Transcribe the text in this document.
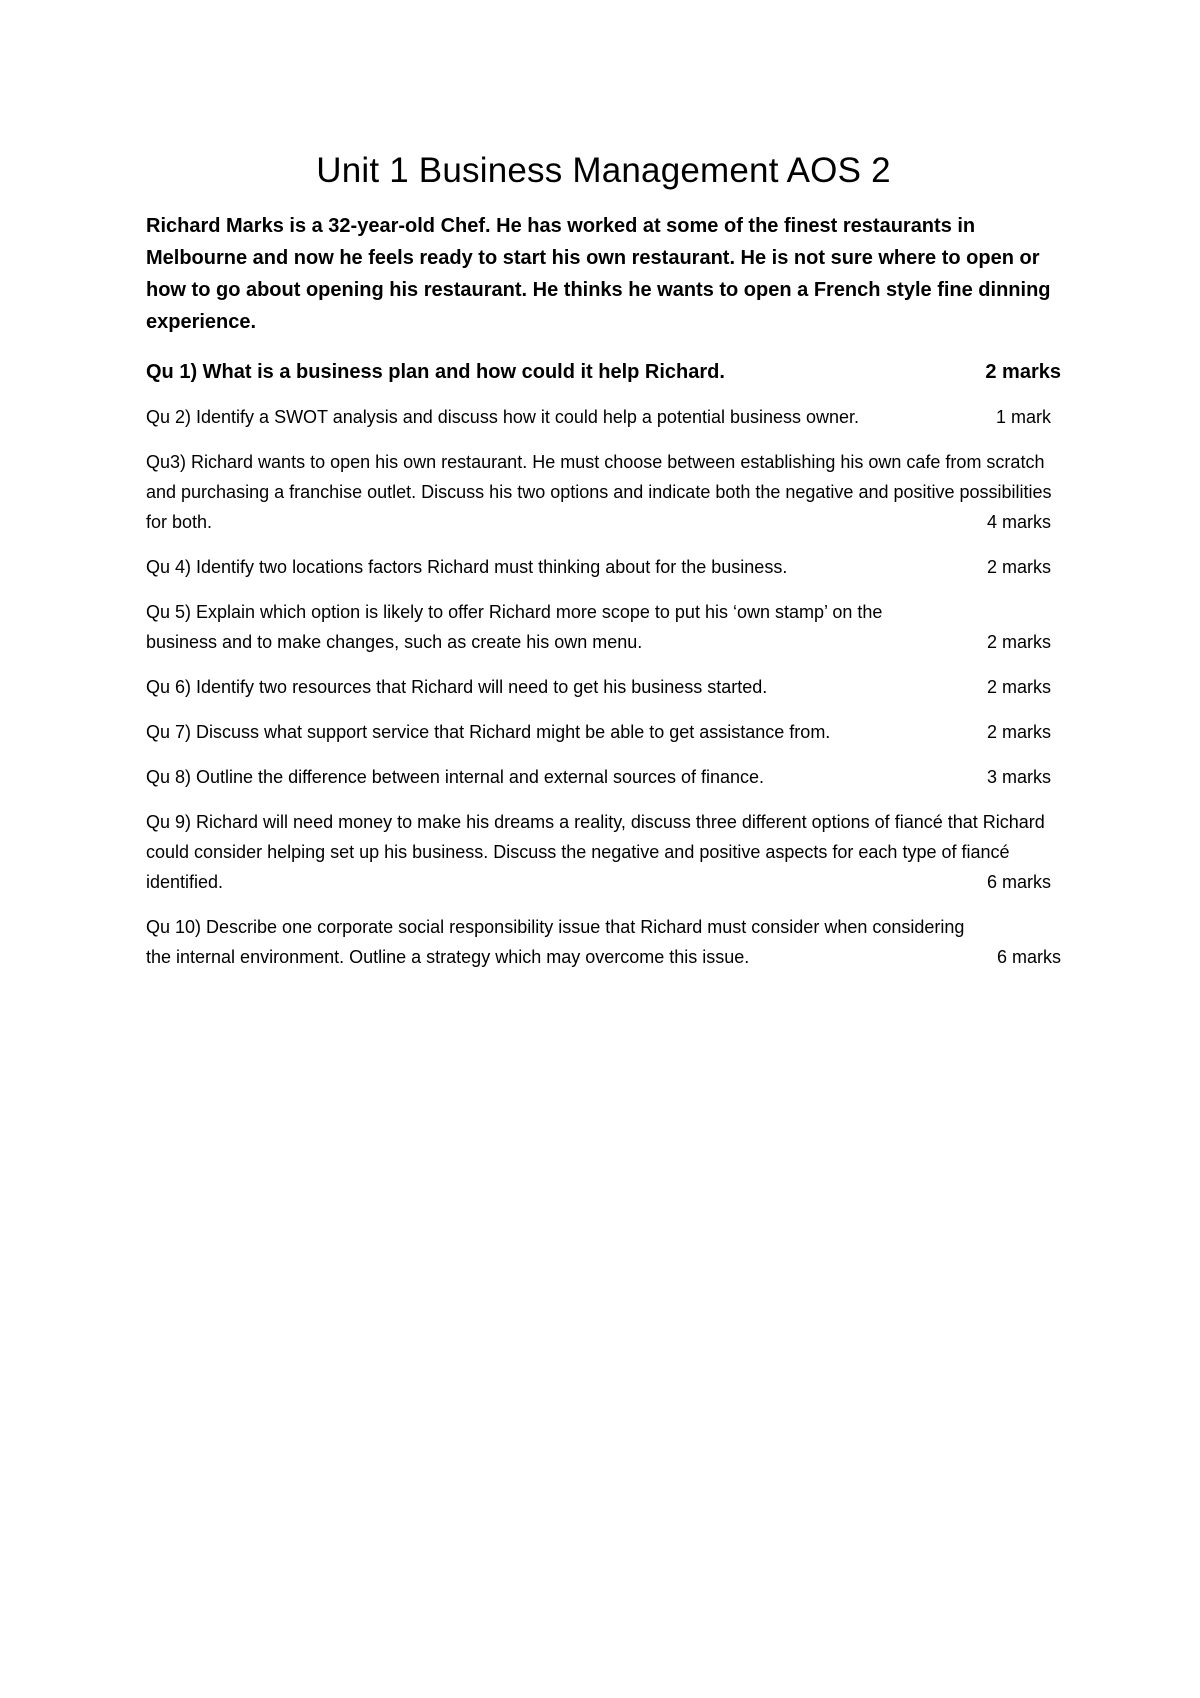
Unit 1 Business Management AOS 2

Richard Marks is a 32-year-old Chef. He has worked at some of the finest restaurants in Melbourne and now he feels ready to start his own restaurant. He is not sure where to open or how to go about opening his restaurant. He thinks he wants to open a French style fine dinning experience.

Qu 1) What is a business plan and how could it help Richard.	2 marks
Qu 2) Identify a SWOT analysis and discuss how it could help a potential business owner.	1 mark
Qu3) Richard wants to open his own restaurant. He must choose between establishing his own cafe from scratch and purchasing a franchise outlet. Discuss his two options and indicate both the negative and positive possibilities for both.	4 marks
Qu 4) Identify two locations factors Richard must thinking about for the business.	2 marks
Qu 5) Explain which option is likely to offer Richard more scope to put his ‘own stamp’ on the business and to make changes, such as create his own menu.	2 marks
Qu 6) Identify two resources that Richard will need to get his business started.	2 marks
Qu 7) Discuss what support service that Richard might be able to get assistance from.	2 marks
Qu 8) Outline the difference between internal and external sources of finance.	3 marks
Qu 9) Richard will need money to make his dreams a reality, discuss three different options of fiancé that Richard could consider helping set up his business. Discuss the negative and positive aspects for each type of fiancé identified.	6 marks
Qu 10) Describe one corporate social responsibility issue that Richard must consider when considering the internal environment. Outline a strategy which may overcome this issue.	6 marks
